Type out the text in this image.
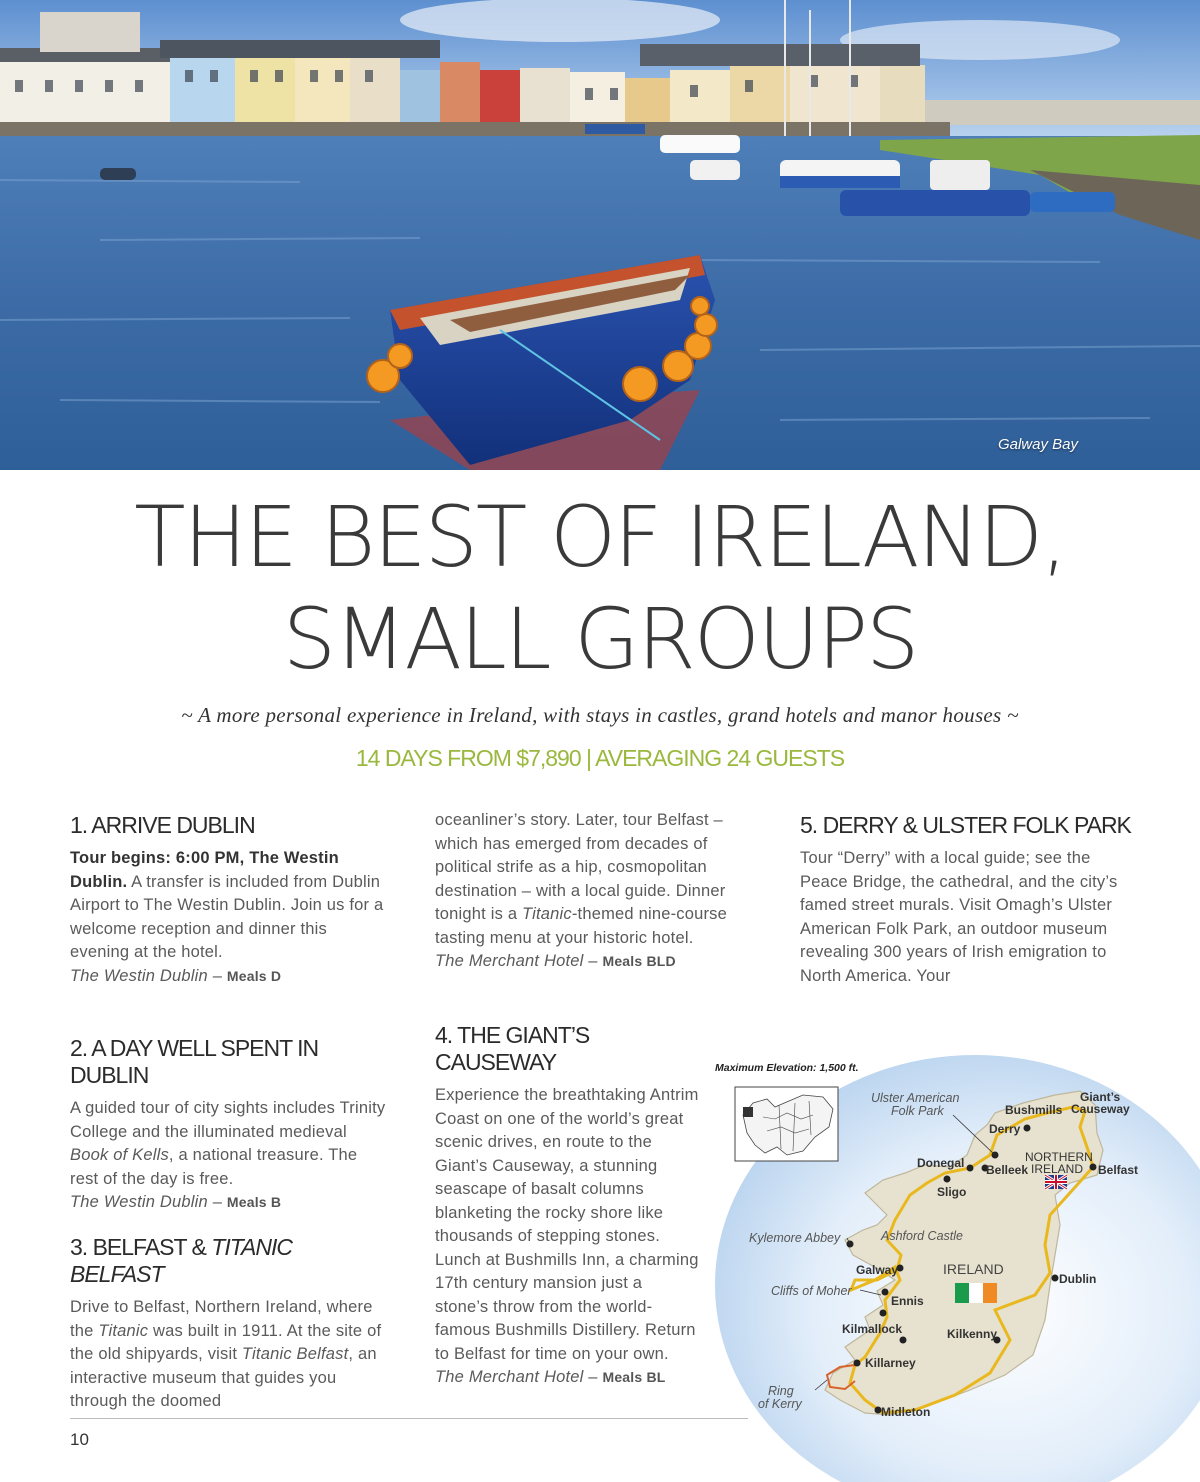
Galway Bay
THE BEST OF IRELAND,
SMALL GROUPS
~ A more personal experience in Ireland, with stays in castles, grand hotels and manor houses ~
14 DAYS FROM $7,890 | AVERAGING 24 GUESTS
1. ARRIVE DUBLIN
Tour begins: 6:00 PM, The Westin Dublin. A transfer is included from Dublin Airport to The Westin Dublin. Join us for a welcome reception and dinner this evening at the hotel.
The Westin Dublin – Meals D
2. A DAY WELL SPENT IN DUBLIN
A guided tour of city sights includes Trinity College and the illuminated medieval Book of Kells, a national treasure. The rest of the day is free.
The Westin Dublin – Meals B
3. BELFAST & TITANIC BELFAST
Drive to Belfast, Northern Ireland, where the Titanic was built in 1911. At the site of the old shipyards, visit Titanic Belfast, an interactive museum that guides you through the doomed
oceanliner’s story. Later, tour Belfast – which has emerged from decades of political strife as a hip, cosmopolitan destination – with a local guide. Dinner tonight is a Titanic-themed nine-course tasting menu at your historic hotel.
The Merchant Hotel – Meals BLD
4. THE GIANT’S CAUSEWAY
Experience the breathtaking Antrim Coast on one of the world’s great scenic drives, en route to the Giant’s Causeway, a stunning seascape of basalt columns blanketing the rocky shore like thousands of stepping stones. Lunch at Bushmills Inn, a charming 17th century mansion just a stone’s throw from the world-famous Bushmills Distillery. Return to Belfast for time on your own.
The Merchant Hotel – Meals BL
5. DERRY & ULSTER FOLK PARK
Tour “Derry” with a local guide; see the Peace Bridge, the cathedral, and the city’s famed street murals. Visit Omagh’s Ulster American Folk Park, an outdoor museum revealing 300 years of Irish emigration to North America. Your
10
Maximum Elevation: 1,500 ft.
Ulster American
Folk Park	Bushmills
Giant’s
Causeway
Derry
Donegal Belleek
NORTHERN
IRELAND Belfast
Sligo
Kylemore Abbey	Ashford Castle
Galway	IRELAND
Dublin
Cliffs of Moher
Ennis
Kilmallock	Kilkenny
Killarney
Ring
of Kerry
Midleton
